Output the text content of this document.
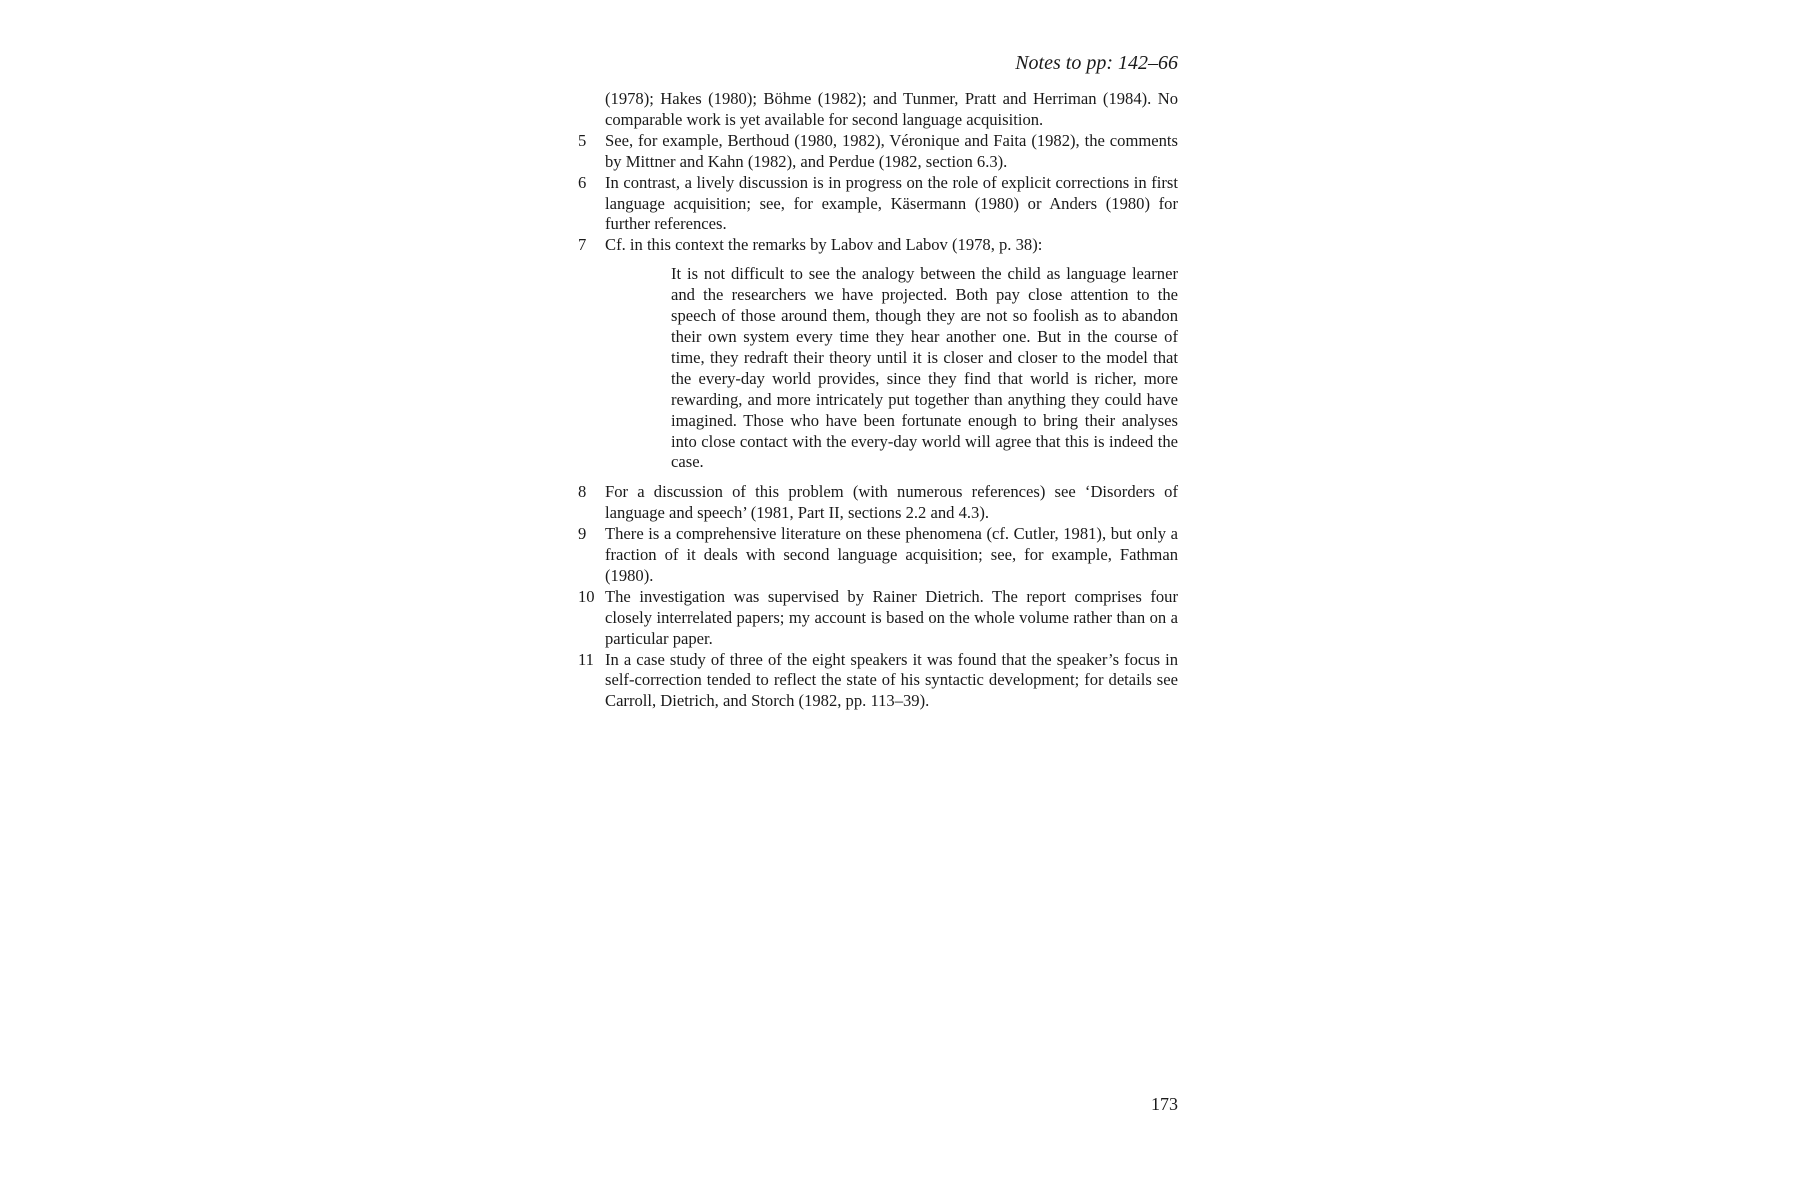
Notes to pp: 142–66
(1978); Hakes (1980); Böhme (1982); and Tunmer, Pratt and Herriman (1984). No comparable work is yet available for second language acquisition.
5	See, for example, Berthoud (1980, 1982), Véronique and Faita (1982), the comments by Mittner and Kahn (1982), and Perdue (1982, section 6.3).
6	In contrast, a lively discussion is in progress on the role of explicit corrections in first language acquisition; see, for example, Käsermann (1980) or Anders (1980) for further references.
7	Cf. in this context the remarks by Labov and Labov (1978, p. 38):
It is not difficult to see the analogy between the child as language learner and the researchers we have projected. Both pay close attention to the speech of those around them, though they are not so foolish as to abandon their own system every time they hear another one. But in the course of time, they redraft their theory until it is closer and closer to the model that the every-day world provides, since they find that world is richer, more rewarding, and more intricately put together than anything they could have imagined. Those who have been fortunate enough to bring their analyses into close contact with the every-day world will agree that this is indeed the case.
8	For a discussion of this problem (with numerous references) see ‘Disorders of language and speech’ (1981, Part II, sections 2.2 and 4.3).
9	There is a comprehensive literature on these phenomena (cf. Cutler, 1981), but only a fraction of it deals with second language acquisition; see, for example, Fathman (1980).
10 The investigation was supervised by Rainer Dietrich. The report comprises four closely interrelated papers; my account is based on the whole volume rather than on a particular paper.
11 In a case study of three of the eight speakers it was found that the speaker’s focus in self-correction tended to reflect the state of his syntactic development; for details see Carroll, Dietrich, and Storch (1982, pp. 113–39).
173
